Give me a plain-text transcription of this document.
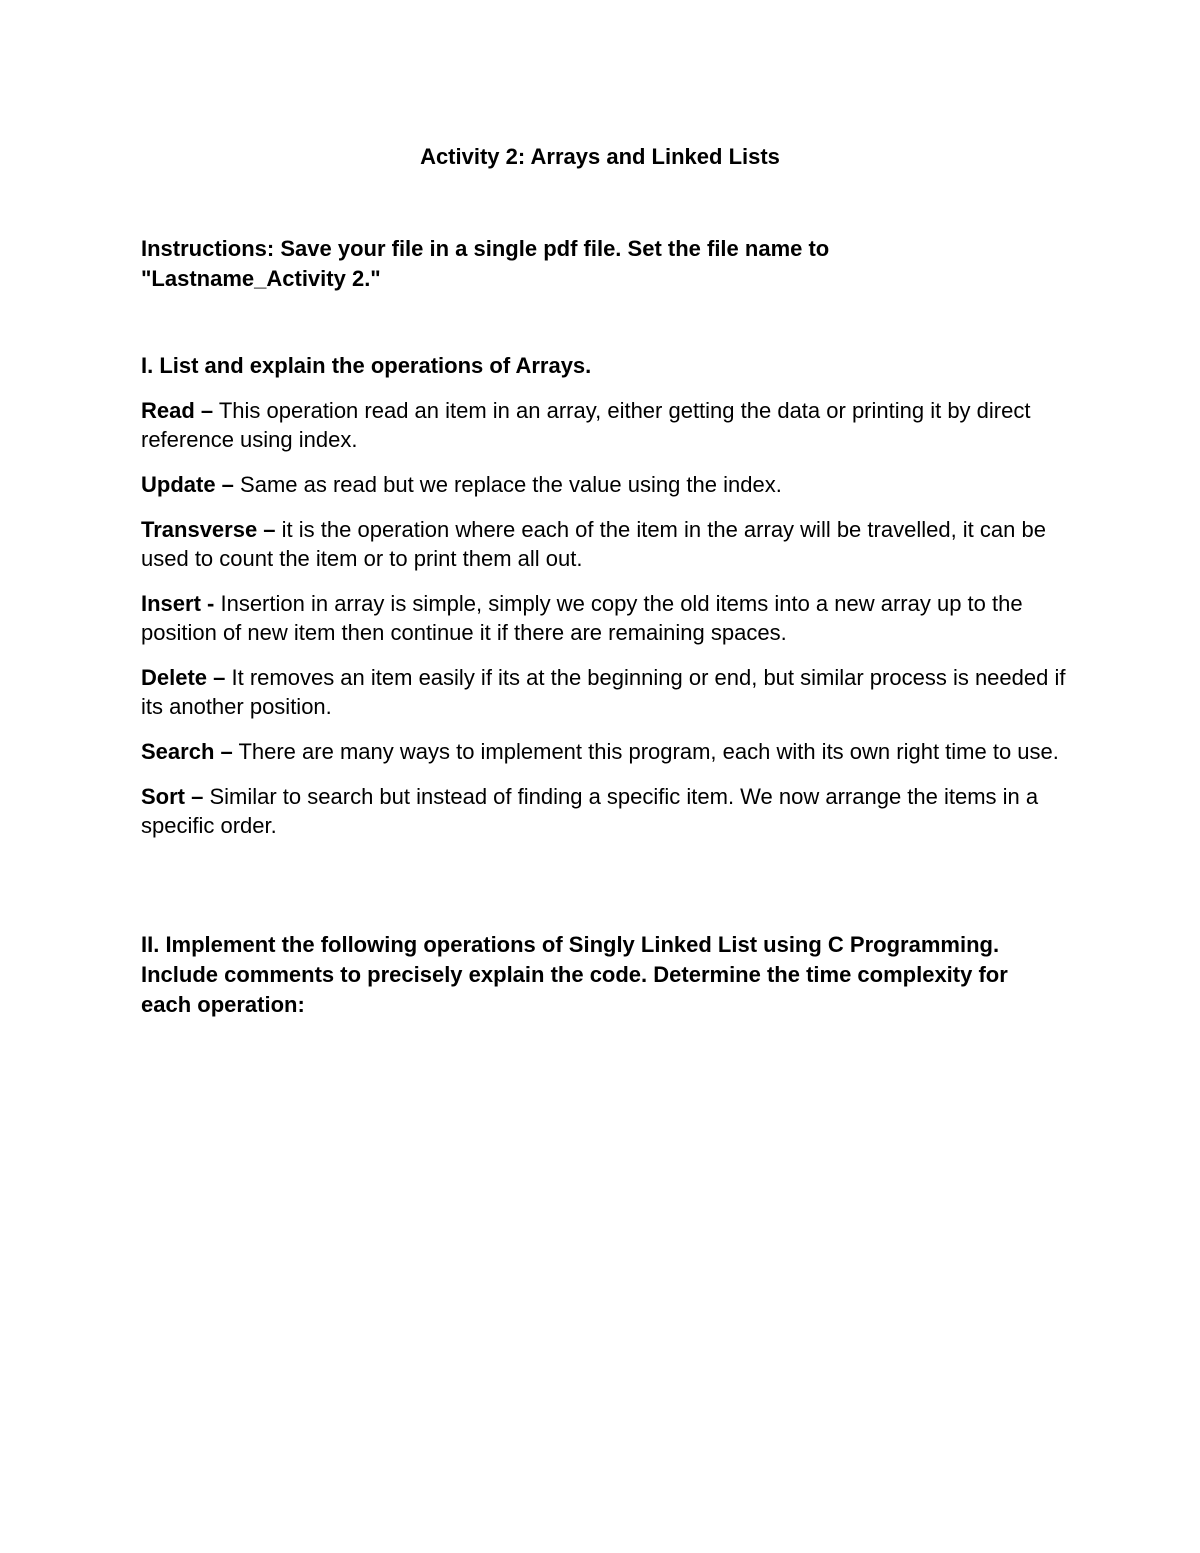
Activity 2: Arrays and Linked Lists

Instructions: Save your file in a single pdf file. Set the file name to "Lastname_Activity 2."

I. List and explain the operations of Arrays.
Read – This operation read an item in an array, either getting the data or printing it by direct reference using index.
Update – Same as read but we replace the value using the index.
Transverse – it is the operation where each of the item in the array will be travelled, it can be used to count the item or to print them all out.
Insert - Insertion in array is simple, simply we copy the old items into a new array up to the position of new item then continue it if there are remaining spaces.
Delete – It removes an item easily if its at the beginning or end, but similar process is needed if its another position.
Search – There are many ways to implement this program, each with its own right time to use.
Sort – Similar to search but instead of finding a specific item. We now arrange the items in a specific order.
II. Implement the following operations of Singly Linked List using C Programming. Include comments to precisely explain the code. Determine the time complexity for each operation:
